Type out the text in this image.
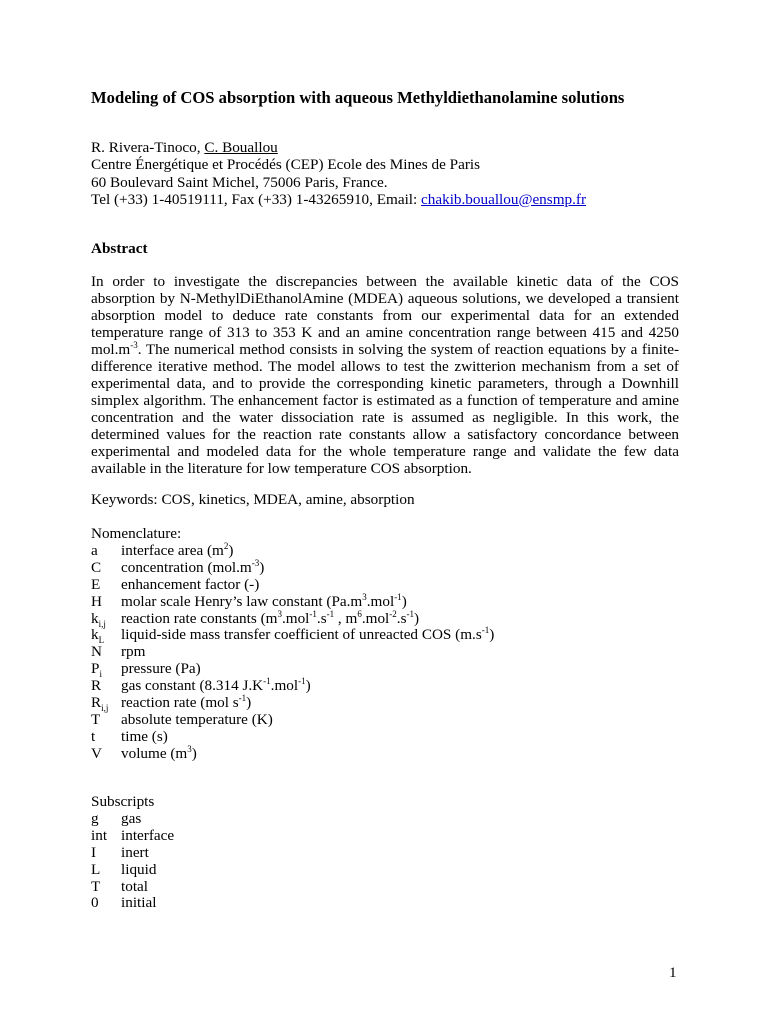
Modeling of COS absorption with aqueous Methyldiethanolamine solutions
R. Rivera-Tinoco, C. Bouallou
Centre Énergétique et Procédés (CEP) Ecole des Mines de Paris
60 Boulevard Saint Michel, 75006 Paris, France.
Tel (+33) 1-40519111, Fax (+33) 1-43265910, Email: chakib.bouallou@ensmp.fr
Abstract

In order to investigate the discrepancies between the available kinetic data of the COS absorption by N-MethylDiEthanolAmine (MDEA) aqueous solutions, we developed a transient absorption model to deduce rate constants from our experimental data for an extended temperature range of 313 to 353 K and an amine concentration range between 415 and 4250 $mol.m^{-3}$. The numerical method consists in solving the system of reaction equations by a finite-difference iterative method. The model allows to test the zwitterion mechanism from a set of experimental data, and to provide the corresponding kinetic parameters, through a Downhill simplex algorithm. The enhancement factor is estimated as a function of temperature and amine concentration and the water dissociation rate is assumed as negligible. In this work, the determined values for the reaction rate constants allow a satisfactory concordance between experimental and modeled data for the whole temperature range and validate the few data available in the literature for low temperature COS absorption.

Keywords: COS, kinetics, MDEA, amine, absorption
Nomenclature:
a interface area $(m^2)$
C concentration $(mol.m^{-3})$
E enhancement factor (-)
H molar scale Henry’s law constant $(Pa.m^3.mol^{-1})$
$k_{i,j}$ reaction rate constants ($m^3.mol^{-1}.s^{-1}$ , $m^6.mol^{-2}.s^{-1}$)
$k_L$ liquid-side mass transfer coefficient of unreacted COS $(m.s^{-1})$
N rpm
$P_i$ pressure (Pa)
R gas constant (8.314 $J.K^{-1}.mol^{-1}$)
$R_{i,j}$ reaction rate (mol $s^{-1}$)
T absolute temperature (K)
t time (s)
V volume $(m^3)$
Subscripts
g gas
int interface
I inert
L liquid
T total
0 initial
1
